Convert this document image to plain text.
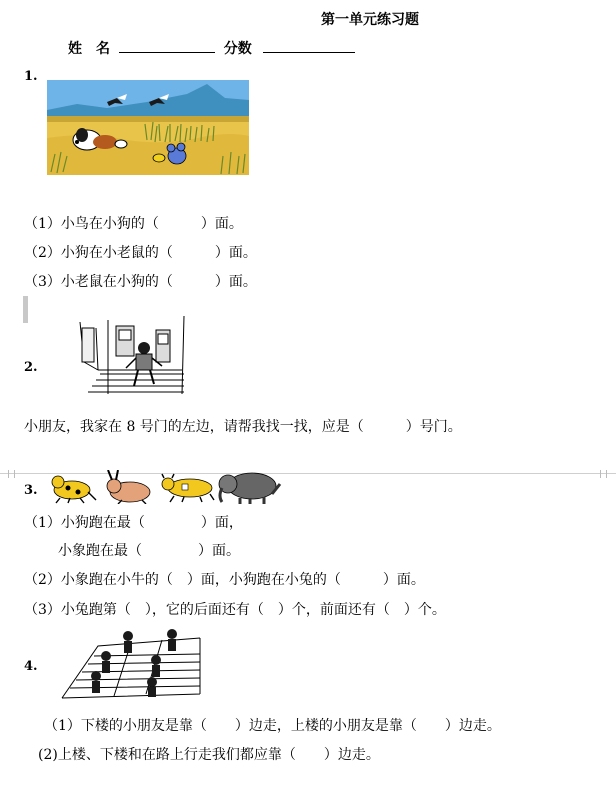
第一单元练习题
姓　名	分数
1.
（1）小鸟在小狗的（　　　）面。
（2）小狗在小老鼠的（　　　）面。
（3）小老鼠在小狗的（　　　）面。
2.
小朋友，我家在 8 号门的左边，请帮我找一找，应是（　　　）号门。
3.
（1）小狗跑在最（　　　　）面，
小象跑在最（　　　　）面。
（2）小象跑在小牛的（　）面，小狗跑在小兔的（　　　）面。
（3）小兔跑第（　），它的后面还有（　）个，前面还有（　）个。
4.
（1）下楼的小朋友是靠（　　）边走，上楼的小朋友是靠（　　）边走。
(2)上楼、下楼和在路上行走我们都应靠（　　）边走。
